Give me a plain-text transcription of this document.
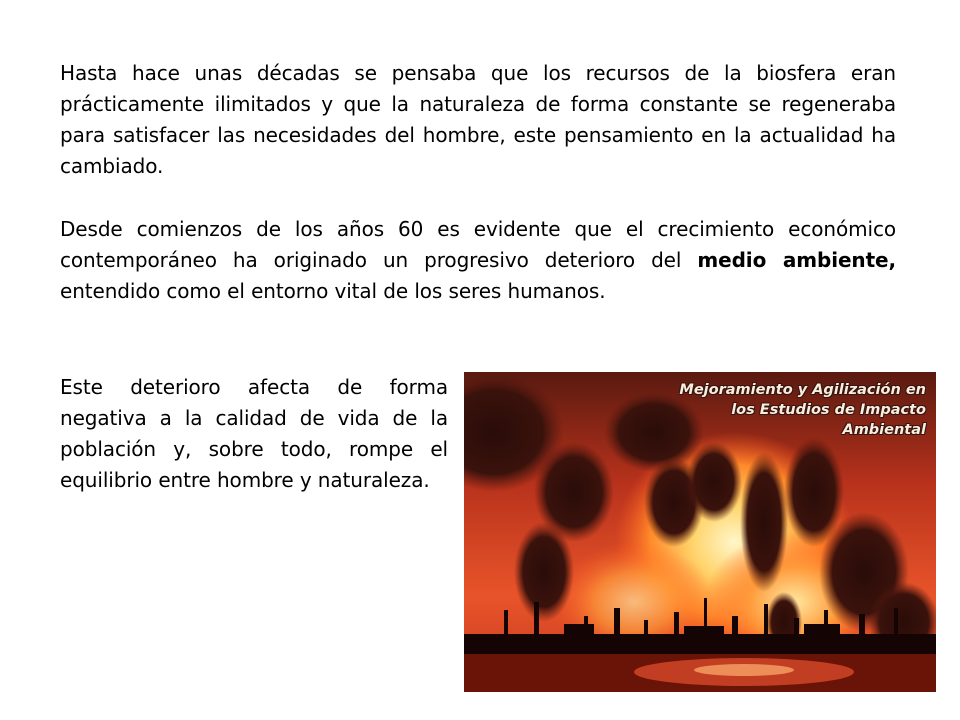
Hasta hace unas décadas se pensaba que los recursos de la biosfera eran prácticamente ilimitados y que la naturaleza de forma constante se regeneraba para satisfacer las necesidades del hombre, este pensamiento en la actualidad ha cambiado.

Desde comienzos de los años 60 es evidente que el crecimiento económico contemporáneo ha originado un progresivo deterioro del medio ambiente, entendido como el entorno vital de los seres humanos.

Este deterioro afecta de forma negativa a la calidad de vida de la población y, sobre todo, rompe el equilibrio entre hombre y naturaleza.

Mejoramiento y Agilización en
los Estudios de Impacto
Ambiental
